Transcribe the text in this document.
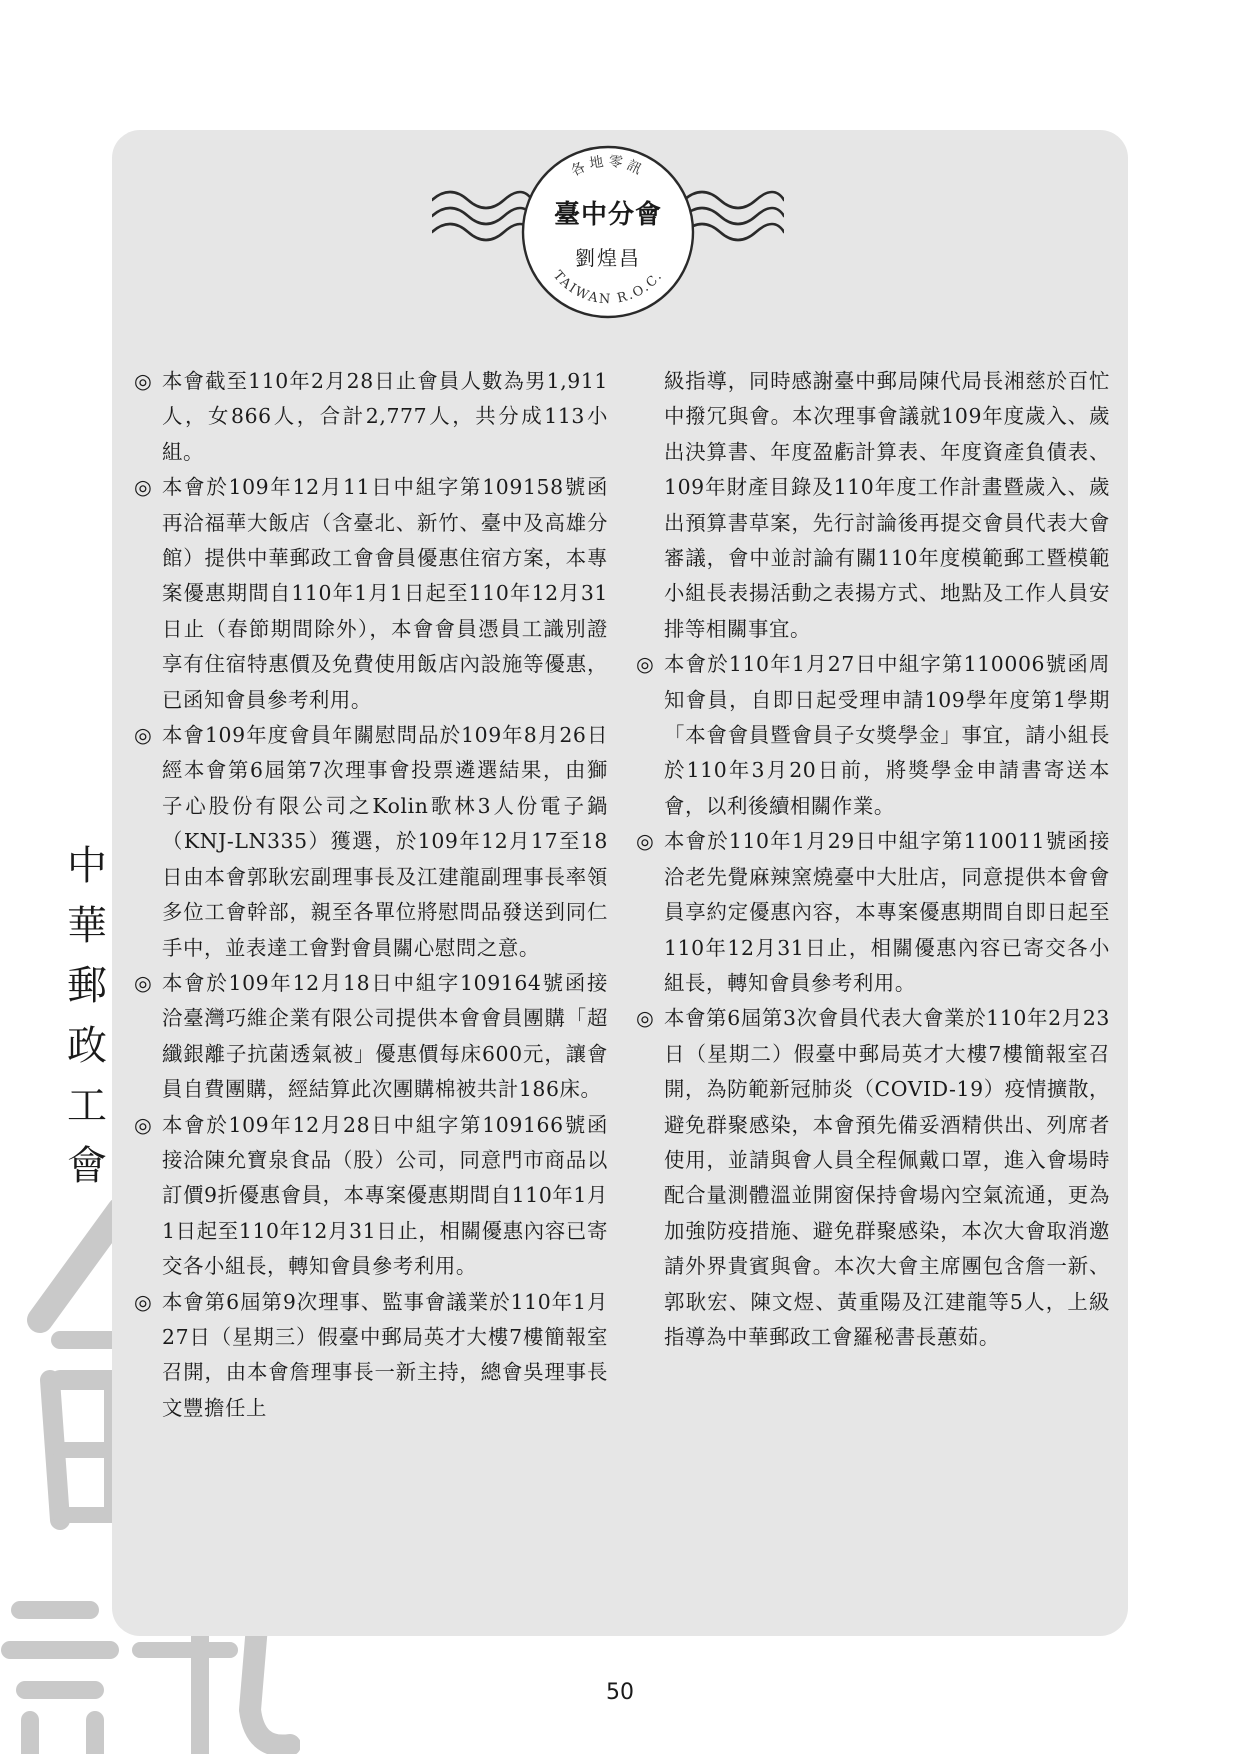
各地零訊
TAIWAN R.O.C.
臺中分會
劉煌昌
中
華
郵
政
工
會

◎ 本會截至110年2月28日止會員人數為男1,911人，女866人，合計2,777人，共分成113小組。

◎ 本會於109年12月11日中組字第109158號函再洽福華大飯店（含臺北、新竹、臺中及高雄分館）提供中華郵政工會會員優惠住宿方案，本專案優惠期間自110年1月1日起至110年12月31日止（春節期間除外），本會會員憑員工識別證享有住宿特惠價及免費使用飯店內設施等優惠，已函知會員參考利用。

◎ 本會109年度會員年關慰問品於109年8月26日經本會第6屆第7次理事會投票遴選結果，由獅子心股份有限公司之Kolin歌林3人份電子鍋（KNJ-LN335）獲選，於109年12月17至18日由本會郭耿宏副理事長及江建龍副理事長率領多位工會幹部，親至各單位將慰問品發送到同仁手中，並表達工會對會員關心慰問之意。

◎ 本會於109年12月18日中組字109164號函接洽臺灣巧維企業有限公司提供本會會員團購「超纖銀離子抗菌透氣被」優惠價每床600元，讓會員自費團購，經結算此次團購棉被共計186床。

◎ 本會於109年12月28日中組字第109166號函接洽陳允寶泉食品（股）公司，同意門市商品以訂價9折優惠會員，本專案優惠期間自110年1月1日起至110年12月31日止，相關優惠內容已寄交各小組長，轉知會員參考利用。

◎ 本會第6屆第9次理事、監事會議業於110年1月27日（星期三）假臺中郵局英才大樓7樓簡報室召開，由本會詹理事長一新主持，總會吳理事長文豐擔任上

級指導，同時感謝臺中郵局陳代局長湘慈於百忙中撥冗與會。本次理事會議就109年度歲入、歲出決算書、年度盈虧計算表、年度資產負債表、109年財產目錄及110年度工作計畫暨歲入、歲出預算書草案，先行討論後再提交會員代表大會審議，會中並討論有關110年度模範郵工暨模範小組長表揚活動之表揚方式、地點及工作人員安排等相關事宜。

◎ 本會於110年1月27日中組字第110006號函周知會員，自即日起受理申請109學年度第1學期「本會會員暨會員子女獎學金」事宜，請小組長於110年3月20日前，將獎學金申請書寄送本會，以利後續相關作業。

◎ 本會於110年1月29日中組字第110011號函接洽老先覺麻辣窯燒臺中大肚店，同意提供本會會員享約定優惠內容，本專案優惠期間自即日起至110年12月31日止，相關優惠內容已寄交各小組長，轉知會員參考利用。

◎ 本會第6屆第3次會員代表大會業於110年2月23日（星期二）假臺中郵局英才大樓7樓簡報室召開，為防範新冠肺炎（COVID-19）疫情擴散，避免群聚感染，本會預先備妥酒精供出、列席者使用，並請與會人員全程佩戴口罩，進入會場時配合量測體溫並開窗保持會場內空氣流通，更為加強防疫措施、避免群聚感染，本次大會取消邀請外界貴賓與會。本次大會主席團包含詹一新、郭耿宏、陳文煜、黃重陽及江建龍等5人，上級指導為中華郵政工會羅秘書長蕙茹。

50
